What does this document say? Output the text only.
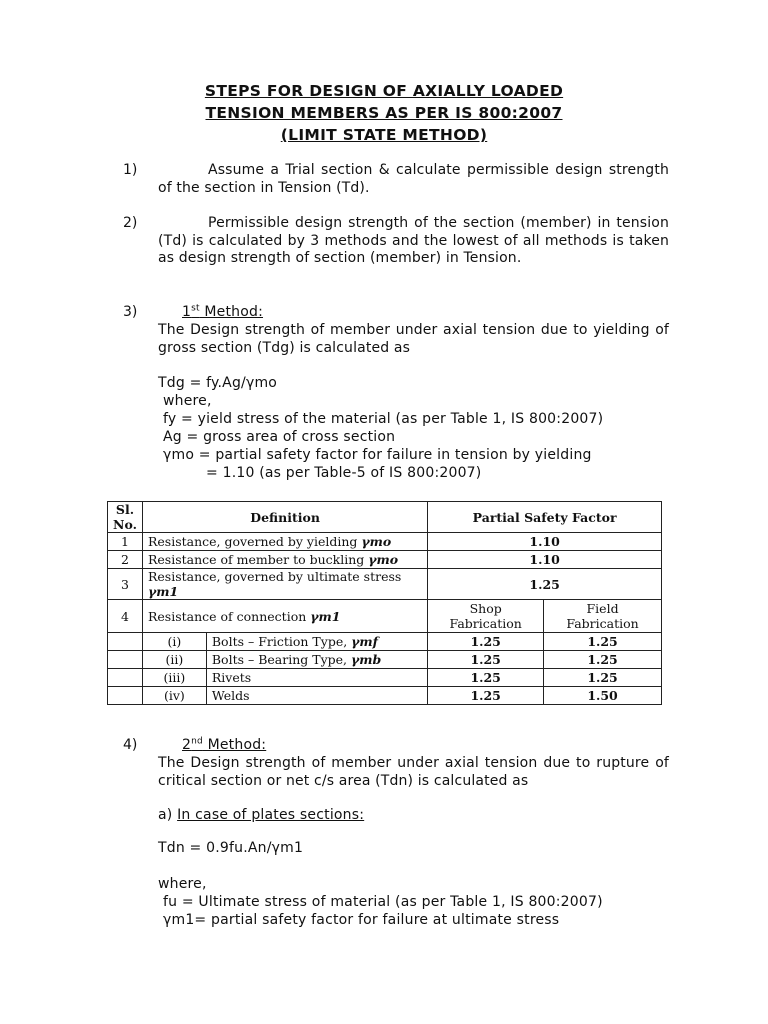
STEPS FOR DESIGN OF AXIALLY LOADED
TENSION MEMBERS AS PER IS 800:2007
(LIMIT STATE METHOD)
1)	Assume a Trial section & calculate permissible design strength of the section in Tension (Td).
2)	Permissible design strength of the section (member) in tension (Td) is calculated by 3 methods and the lowest of all methods is taken as design strength of section (member) in Tension.
3)	1st Method:
The Design strength of member under axial tension due to yielding of gross section (Tdg) is calculated as
Tdg = fy.Ag/γmo
where,
fy = yield stress of the material (as per Table 1, IS 800:2007)
Ag = gross area of cross section
γmo = partial safety factor for failure in tension by yielding
= 1.10 (as per Table-5 of IS 800:2007)
Sl. No.	Definition		Partial Safety Factor	
1	Resistance, governed by yielding γmo		1.10	
2	Resistance of member to buckling γmo		1.10	
3	Resistance, governed by ultimate stress γm1		1.25	
4	Resistance of connection γm1		Shop Fabrication	Field Fabrication
	(i)	Bolts – Friction Type, γmf	1.25	1.25
	(ii)	Bolts – Bearing Type, γmb	1.25	1.25
	(iii)	Rivets	1.25	1.25
	(iv)	Welds	1.25	1.50
4)	2nd Method:
The Design strength of member under axial tension due to rupture of critical section or net c/s area (Tdn) is calculated as
a) In case of plates sections:
Tdn = 0.9fu.An/γm1
where,
fu = Ultimate stress of material (as per Table 1, IS 800:2007)
γm1= partial safety factor for failure at ultimate stress
